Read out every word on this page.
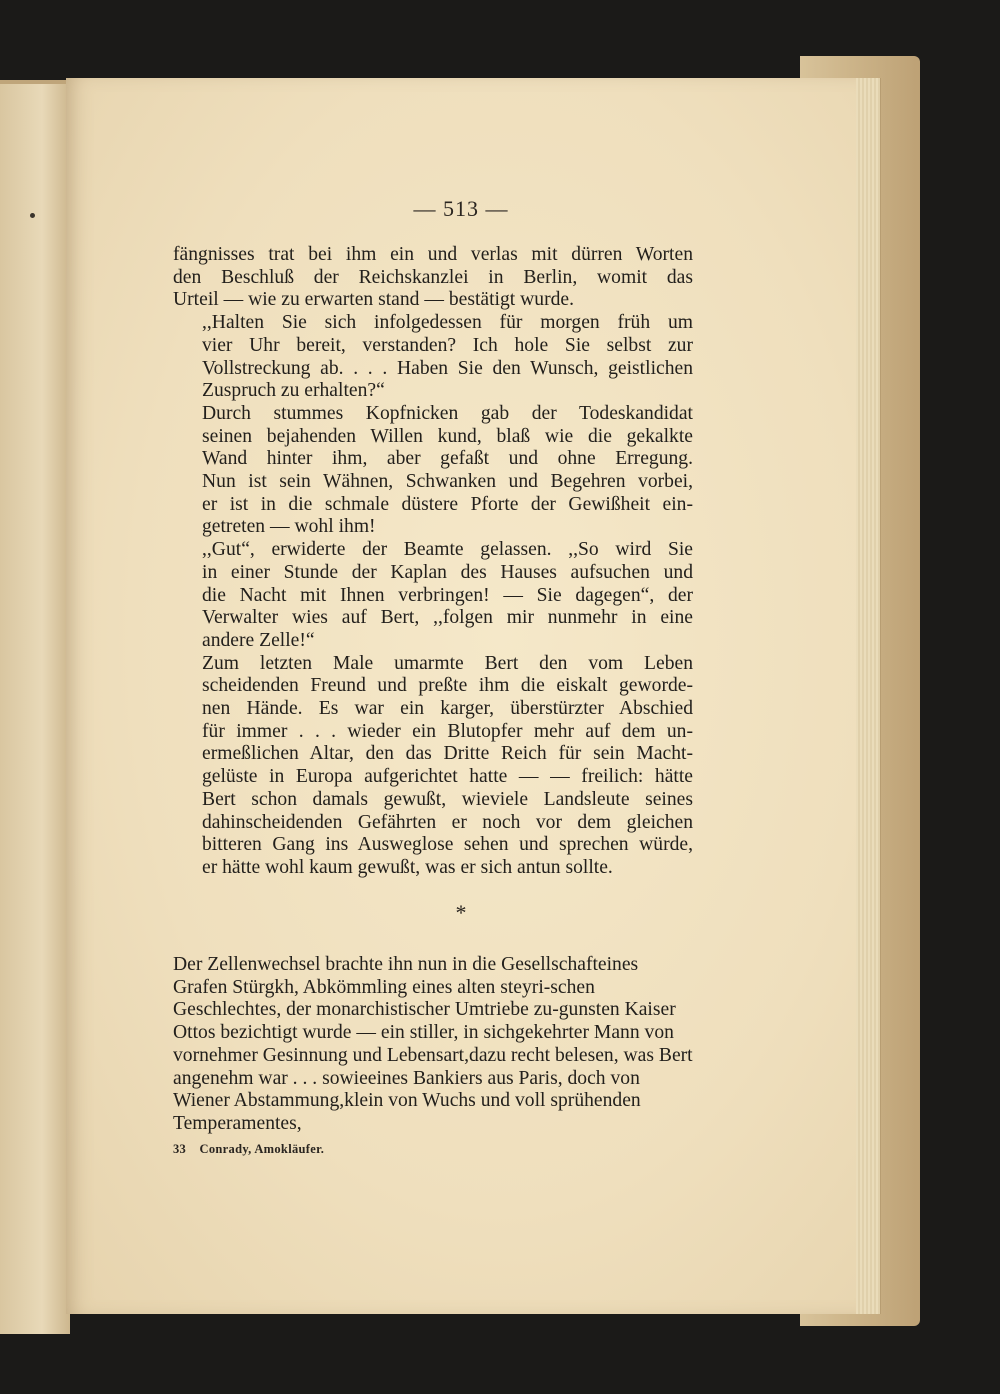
— 513 —
fängnisses trat bei ihm ein und verlas mit dürren Worten
den Beschluß der Reichskanzlei in Berlin, womit das
Urteil — wie zu erwarten stand — bestätigt wurde.
,,Halten Sie sich infolgedessen für morgen früh um
vier Uhr bereit, verstanden? Ich hole Sie selbst zur
Vollstreckung ab. . . . Haben Sie den Wunsch, geistlichen
Zuspruch zu erhalten?“
Durch stummes Kopfnicken gab der Todeskandidat
seinen bejahenden Willen kund, blaß wie die gekalkte
Wand hinter ihm, aber gefaßt und ohne Erregung.
Nun ist sein Wähnen, Schwanken und Begehren vorbei,
er ist in die schmale düstere Pforte der Gewißheit ein-
getreten — wohl ihm!
,,Gut“, erwiderte der Beamte gelassen. ,,So wird Sie
in einer Stunde der Kaplan des Hauses aufsuchen und
die Nacht mit Ihnen verbringen! — Sie dagegen“, der
Verwalter wies auf Bert, ,,folgen mir nunmehr in eine
andere Zelle!“
Zum letzten Male umarmte Bert den vom Leben
scheidenden Freund und preßte ihm die eiskalt geworde-
nen Hände. Es war ein karger, überstürzter Abschied
für immer . . . wieder ein Blutopfer mehr auf dem un-
ermeßlichen Altar, den das Dritte Reich für sein Macht-
gelüste in Europa aufgerichtet hatte — — freilich: hätte
Bert schon damals gewußt, wieviele Landsleute seines
dahinscheidenden Gefährten er noch vor dem gleichen
bitteren Gang ins Ausweglose sehen und sprechen würde,
er hätte wohl kaum gewußt, was er sich antun sollte.
*
Der Zellenwechsel brachte ihn nun in die Gesellschafteines Grafen Stürgkh, Abkömmling eines alten steyri-schen Geschlechtes, der monarchistischer Umtriebe zu-gunsten Kaiser Ottos bezichtigt wurde — ein stiller, in sichgekehrter Mann von vornehmer Gesinnung und Lebensart,dazu recht belesen, was Bert angenehm war . . . sowieeines Bankiers aus Paris, doch von Wiener Abstammung,klein von Wuchs und voll sprühenden Temperamentes,
33 Conrady, Amokläufer.
